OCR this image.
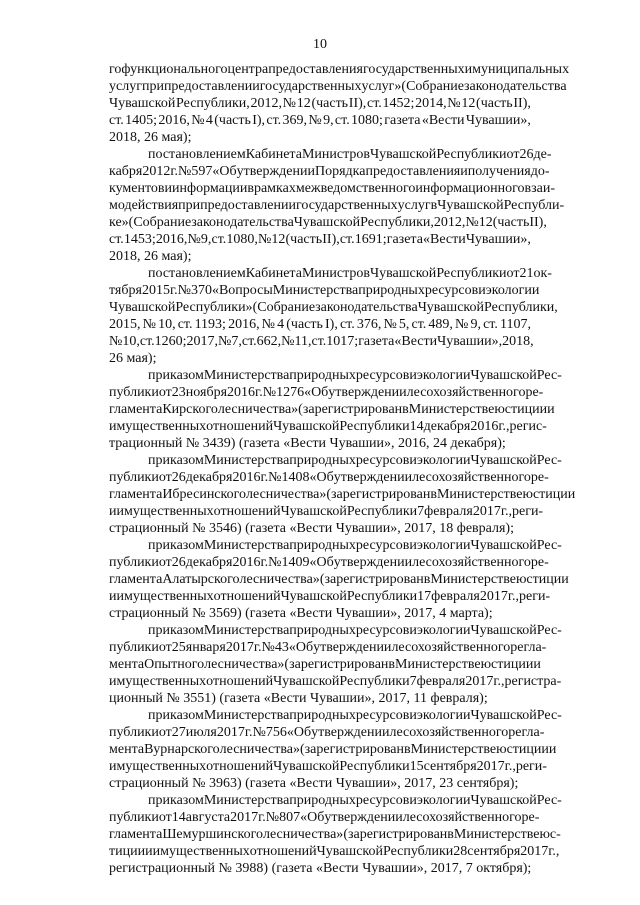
10
гофункционального центра предоставления государственных и муниципальных
услуг при предоставлении государственных услуг» (Собрание законодательства
Чувашской Республики, 2012, № 12 (часть II), ст. 1452; 2014, № 12 (часть II),
ст. 1405; 2016, № 4 (часть I), ст. 369, № 9, ст. 1080; газета «Вести Чувашии»,
2018, 26 мая);
постановлением Кабинета Министров Чувашской Республики от 26 де-
кабря 2012 г. № 597 «Об утверждении Порядка предоставления и получения до-
кументов и информации в рамках межведомственного информационного взаи-
модействия при предоставлении государственных услуг в Чувашской Республи-
ке» (Собрание законодательства Чувашской Республики, 2012, № 12 (часть II),
ст. 1453; 2016, № 9, ст. 1080, № 12 (часть II), ст. 1691; газета «Вести Чувашии»,
2018, 26 мая);
постановлением Кабинета Министров Чувашской Республики от 21 ок-
тября 2015 г. № 370 «Вопросы Министерства природных ресурсов и экологии
Чувашской Республики» (Собрание законодательства Чувашской Республики,
2015, № 10, ст. 1193; 2016, № 4 (часть I), ст. 376, № 5, ст. 489, № 9, ст. 1107,
№ 10, ст. 1260; 2017, № 7, ст. 662, № 11, ст. 1017; газета «Вести Чувашии», 2018,
26 мая);
приказом Министерства природных ресурсов и экологии Чувашской Рес-
публики от 23 ноября 2016 г. № 1276 «Об утверждении лесохозяйственного ре-
гламента Кирского лесничества» (зарегистрирован в Министерстве юстиции и
имущественных отношений Чувашской Республики 14 декабря 2016 г., регис-
трационный № 3439) (газета «Вести Чувашии», 2016, 24 декабря);
приказом Министерства природных ресурсов и экологии Чувашской Рес-
публики от 26 декабря 2016 г. № 1408 «Об утверждении лесохозяйственного ре-
гламента Ибресинского лесничества» (зарегистрирован в Министерстве юстиции
и имущественных отношений Чувашской Республики 7 февраля 2017 г., реги-
страционный № 3546) (газета «Вести Чувашии», 2017, 18 февраля);
приказом Министерства природных ресурсов и экологии Чувашской Рес-
публики от 26 декабря 2016 г. № 1409 «Об утверждении лесохозяйственного ре-
гламента Алатырского лесничества» (зарегистрирован в Министерстве юстиции
и имущественных отношений Чувашской Республики 17 февраля 2017 г., реги-
страционный № 3569) (газета «Вести Чувашии», 2017, 4 марта);
приказом Министерства природных ресурсов и экологии Чувашской Рес-
публики от 25 января 2017 г. № 43 «Об утверждении лесохозяйственного регла-
мента Опытного лесничества» (зарегистрирован в Министерстве юстиции и
имущественных отношений Чувашской Республики 7 февраля 2017 г., регистра-
ционный № 3551) (газета «Вести Чувашии», 2017, 11 февраля);
приказом Министерства природных ресурсов и экологии Чувашской Рес-
публики от 27 июля 2017 г. № 756 «Об утверждении лесохозяйственного регла-
мента Вурнарского лесничества» (зарегистрирован в Министерстве юстиции и
имущественных отношений Чувашской Республики 15 сентября 2017 г., реги-
страционный № 3963) (газета «Вести Чувашии», 2017, 23 сентября);
приказом Министерства природных ресурсов и экологии Чувашской Рес-
публики от 14 августа 2017 г. № 807 «Об утверждении лесохозяйственного ре-
гламента Шемуршинского лесничества» (зарегистрирован в Министерстве юс-
тиции и имущественных отношений Чувашской Республики 28 сентября 2017 г.,
регистрационный № 3988) (газета «Вести Чувашии», 2017, 7 октября);
